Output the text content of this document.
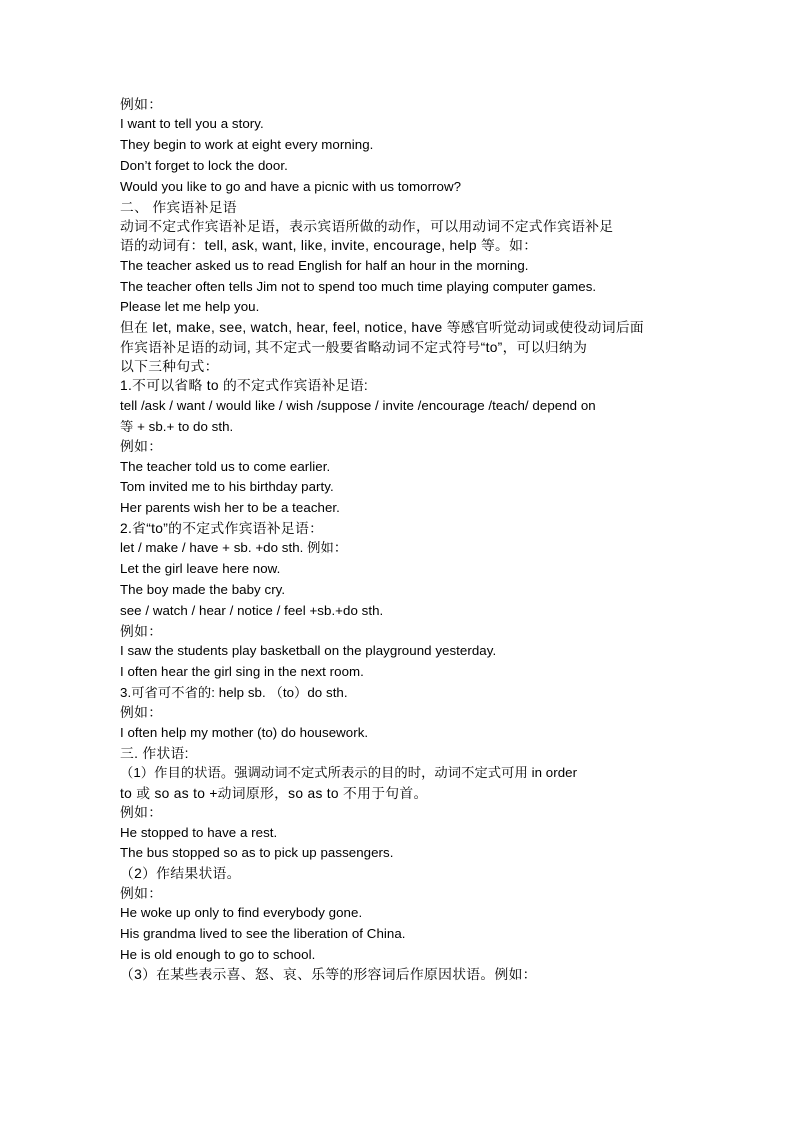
例如：
I want to tell you a story.
They begin to work at eight every morning.
Don’t forget to lock the door.
Would you like to go and have a picnic with us tomorrow?
二、 作宾语补足语
动词不定式作宾语补足语，表示宾语所做的动作，可以用动词不定式作宾语补足
语的动词有：tell, ask, want, like, invite, encourage, help 等。如：
The teacher asked us to read English for half an hour in the morning.
The teacher often tells Jim not to spend too much time playing computer games.
Please let me help you.
但在 let, make, see, watch, hear, feel, notice, have 等感官听觉动词或使役动词后面
作宾语补足语的动词, 其不定式一般要省略动词不定式符号“to”，可以归纳为
以下三种句式：
1.不可以省略 to 的不定式作宾语补足语:
tell /ask / want / would like / wish /suppose / invite /encourage /teach/ depend on
等 + sb.+ to do sth.
例如：
The teacher told us to come earlier.
Tom invited me to his birthday party.
Her parents wish her to be a teacher.
2.省“to”的不定式作宾语补足语：
let / make / have + sb. +do sth. 例如：
Let the girl leave here now.
The boy made the baby cry.
see / watch / hear / notice / feel +sb.+do sth.
例如：
I saw the students play basketball on the playground yesterday.
I often hear the girl sing in the next room.
3.可省可不省的: help sb. （to）do sth.
例如：
I often help my mother (to) do housework.
三. 作状语:
（1）作目的状语。强调动词不定式所表示的目的时，动词不定式可用 in order
to 或 so as to +动词原形，so as to 不用于句首。
例如：
He stopped to have a rest.
The bus stopped so as to pick up passengers.
（2）作结果状语。
例如：
He woke up only to find everybody gone.
His grandma lived to see the liberation of China.
He is old enough to go to school.
（3）在某些表示喜、怒、哀、乐等的形容词后作原因状语。例如：
